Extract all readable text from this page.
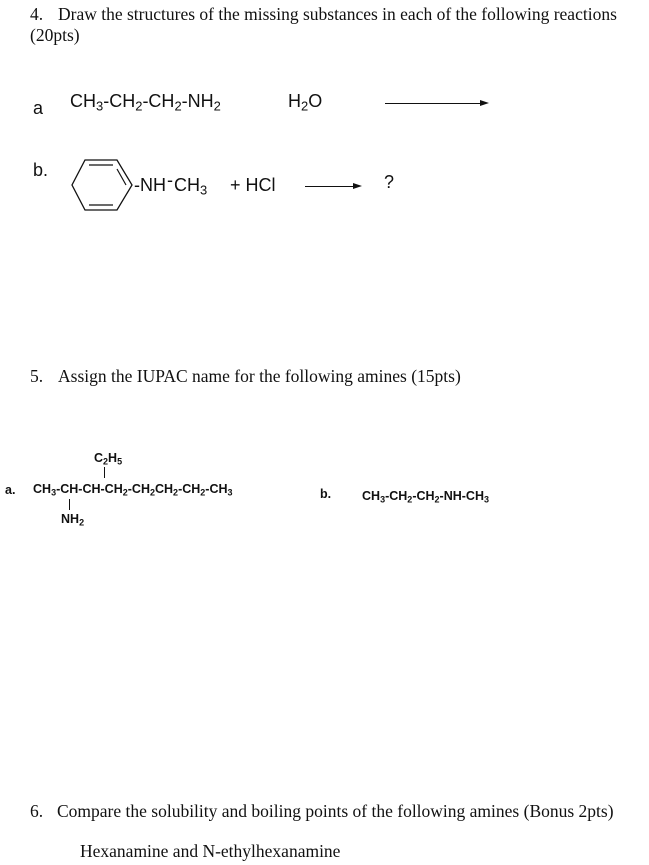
4. Draw the structures of the missing substances in each of the following reactions
(20pts)
a $CH_3-CH_2-CH_2-NH_2$	$H_2O$
b.
$-NH-CH_3$ + HCl	?
5. Assign the IUPAC name for the following amines (15pts)
$C_2H_5$
a. $CH_3-CH-CH-CH_2-CH_2CH_2-CH_2-CH_3$
$NH_2$
b. $CH_3-CH_2-CH_2-NH-CH_3$
6. Compare the solubility and boiling points of the following amines (Bonus 2pts)
Hexanamine and N-ethylhexanamine
